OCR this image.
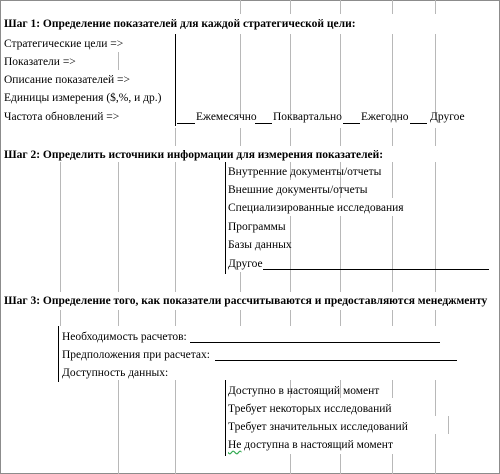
Шаг 1: Определение показателей для каждой стратегической цели:
Стратегические цели =>
Показатели =>
Описание показателей =>
Единицы измерения ($,%, и др.)
Частота обновлений =>	Ежемесячно Поквартально Ежегодно Другое
Шаг 2: Определить источники информации для измерения показателей:
Внутренние документы/отчеты
Внешние документы/отчеты
Специализированные исследования
Программы
Базы данных
Другое
Шаг 3: Определение того, как показатели рассчитываются и предоставляются менеджменту
Необходимость расчетов:
Предположения при расчетах:
Доступность данных:
Доступно в настоящий момент
Требует некоторых исследований
Требует значительных исследований
Не доступна в настоящий момент
